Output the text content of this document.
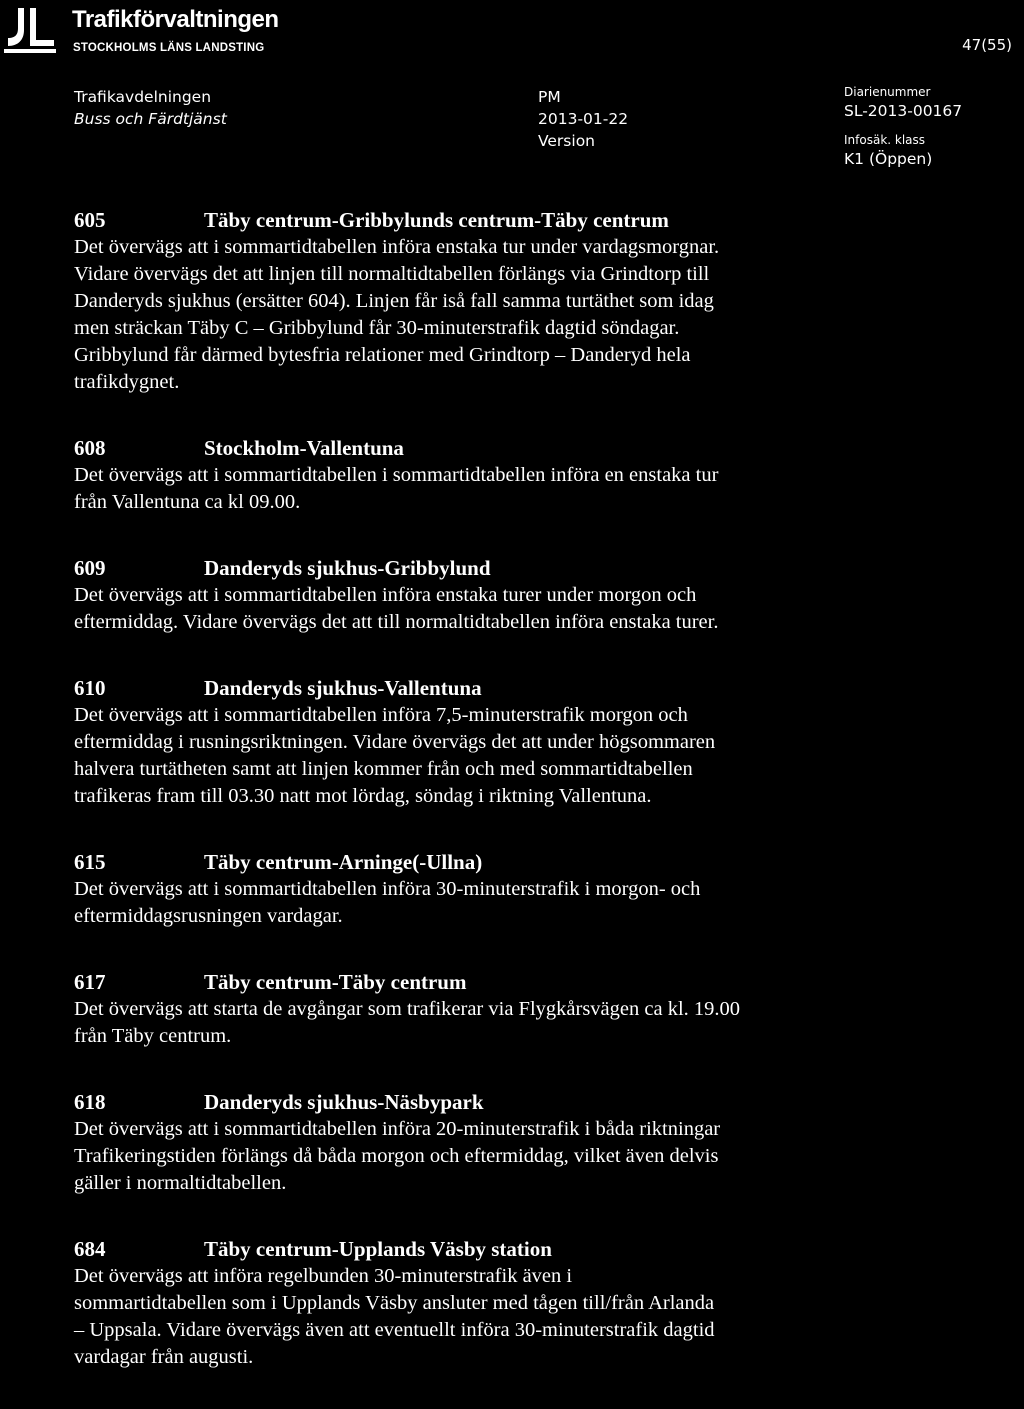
Trafikförvaltningen
STOCKHOLMS LÄNS LANDSTING	47(55)
Trafikavdelningen
Buss och Färdtjänst
PM
2013-01-22
Version
Diarienummer
SL-2013-00167
Infosäk. klass
K1 (Öppen)
605	Täby centrum-Gribbylunds centrum-Täby centrum
Det övervägs att i sommartidtabellen införa enstaka tur under vardagsmorgnar.
Vidare övervägs det att linjen till normaltidtabellen förlängs via Grindtorp till
Danderyds sjukhus (ersätter 604). Linjen får iså fall samma turtäthet som idag
men sträckan Täby C – Gribbylund får 30-minuterstrafik dagtid söndagar.
Gribbylund får därmed bytesfria relationer med Grindtorp – Danderyd hela
trafikdygnet.
608	Stockholm-Vallentuna
Det övervägs att i sommartidtabellen i sommartidtabellen införa en enstaka tur
från Vallentuna ca kl 09.00.
609	Danderyds sjukhus-Gribbylund
Det övervägs att i sommartidtabellen införa enstaka turer under morgon och
eftermiddag. Vidare övervägs det att till normaltidtabellen införa enstaka turer.
610	Danderyds sjukhus-Vallentuna
Det övervägs att i sommartidtabellen införa 7,5-minuterstrafik morgon och
eftermiddag i rusningsriktningen. Vidare övervägs det att under högsommaren
halvera turtätheten samt att linjen kommer från och med sommartidtabellen
trafikeras fram till 03.30 natt mot lördag, söndag i riktning Vallentuna.
615	Täby centrum-Arninge(-Ullna)
Det övervägs att i sommartidtabellen införa 30-minuterstrafik i morgon- och
eftermiddagsrusningen vardagar.
617	Täby centrum-Täby centrum
Det övervägs att starta de avgångar som trafikerar via Flygkårsvägen ca kl. 19.00
från Täby centrum.
618	Danderyds sjukhus-Näsbypark
Det övervägs att i sommartidtabellen införa 20-minuterstrafik i båda riktningar
Trafikeringstiden förlängs då båda morgon och eftermiddag, vilket även delvis
gäller i normaltidtabellen.
684	Täby centrum-Upplands Väsby station
Det övervägs att införa regelbunden 30-minuterstrafik även i
sommartidtabellen som i Upplands Väsby ansluter med tågen till/från Arlanda
– Uppsala. Vidare övervägs även att eventuellt införa 30-minuterstrafik dagtid
vardagar från augusti.
